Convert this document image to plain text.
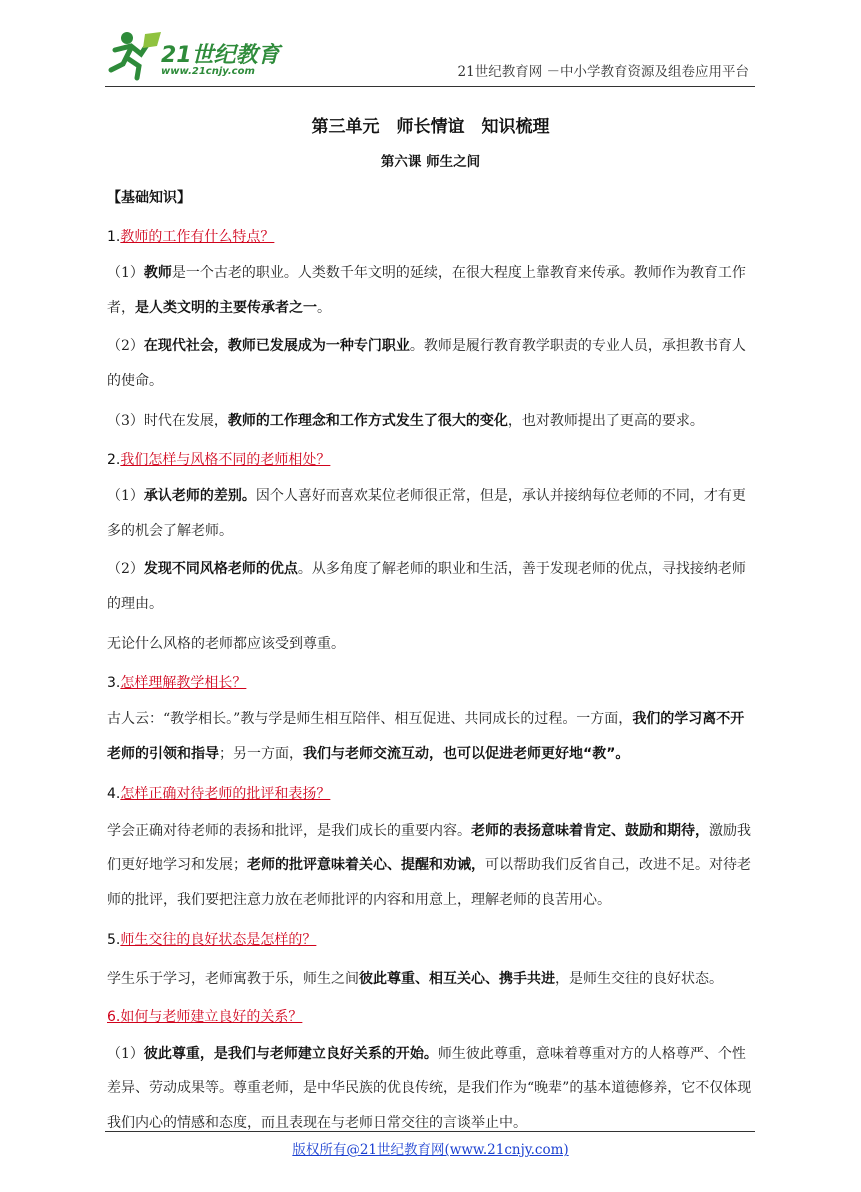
21世纪教育
www.21cnjy.com	21世纪教育网 －中小学教育资源及组卷应用平台
第三单元　师长情谊　知识梳理
第六课 师生之间

【基础知识】

1.教师的工作有什么特点？

（1）教师是一个古老的职业。人类数千年文明的延续，在很大程度上靠教育来传承。教师作为教育工作者，是人类文明的主要传承者之一。

（2）在现代社会，教师已发展成为一种专门职业。教师是履行教育教学职责的专业人员，承担教书育人的使命。

（3）时代在发展，教师的工作理念和工作方式发生了很大的变化，也对教师提出了更高的要求。

2.我们怎样与风格不同的老师相处？

（1）承认老师的差别。因个人喜好而喜欢某位老师很正常，但是，承认并接纳每位老师的不同，才有更多的机会了解老师。

（2）发现不同风格老师的优点。从多角度了解老师的职业和生活，善于发现老师的优点，寻找接纳老师的理由。

无论什么风格的老师都应该受到尊重。

3.怎样理解教学相长？

古人云：“教学相长。”教与学是师生相互陪伴、相互促进、共同成长的过程。一方面，我们的学习离不开老师的引领和指导；另一方面，我们与老师交流互动，也可以促进老师更好地“教”。

4.怎样正确对待老师的批评和表扬？

学会正确对待老师的表扬和批评，是我们成长的重要内容。老师的表扬意味着肯定、鼓励和期待，激励我们更好地学习和发展；老师的批评意味着关心、提醒和劝诫，可以帮助我们反省自己，改进不足。对待老师的批评，我们要把注意力放在老师批评的内容和用意上，理解老师的良苦用心。

5.师生交往的良好状态是怎样的？

学生乐于学习，老师寓教于乐，师生之间彼此尊重、相互关心、携手共进，是师生交往的良好状态。

6.如何与老师建立良好的关系？

（1）彼此尊重，是我们与老师建立良好关系的开始。师生彼此尊重，意味着尊重对方的人格尊严、个性差异、劳动成果等。尊重老师，是中华民族的优良传统，是我们作为“晚辈”的基本道德修养，它不仅体现我们内心的情感和态度，而且表现在与老师日常交往的言谈举止中。

版权所有@21世纪教育网(www.21cnjy.com)
